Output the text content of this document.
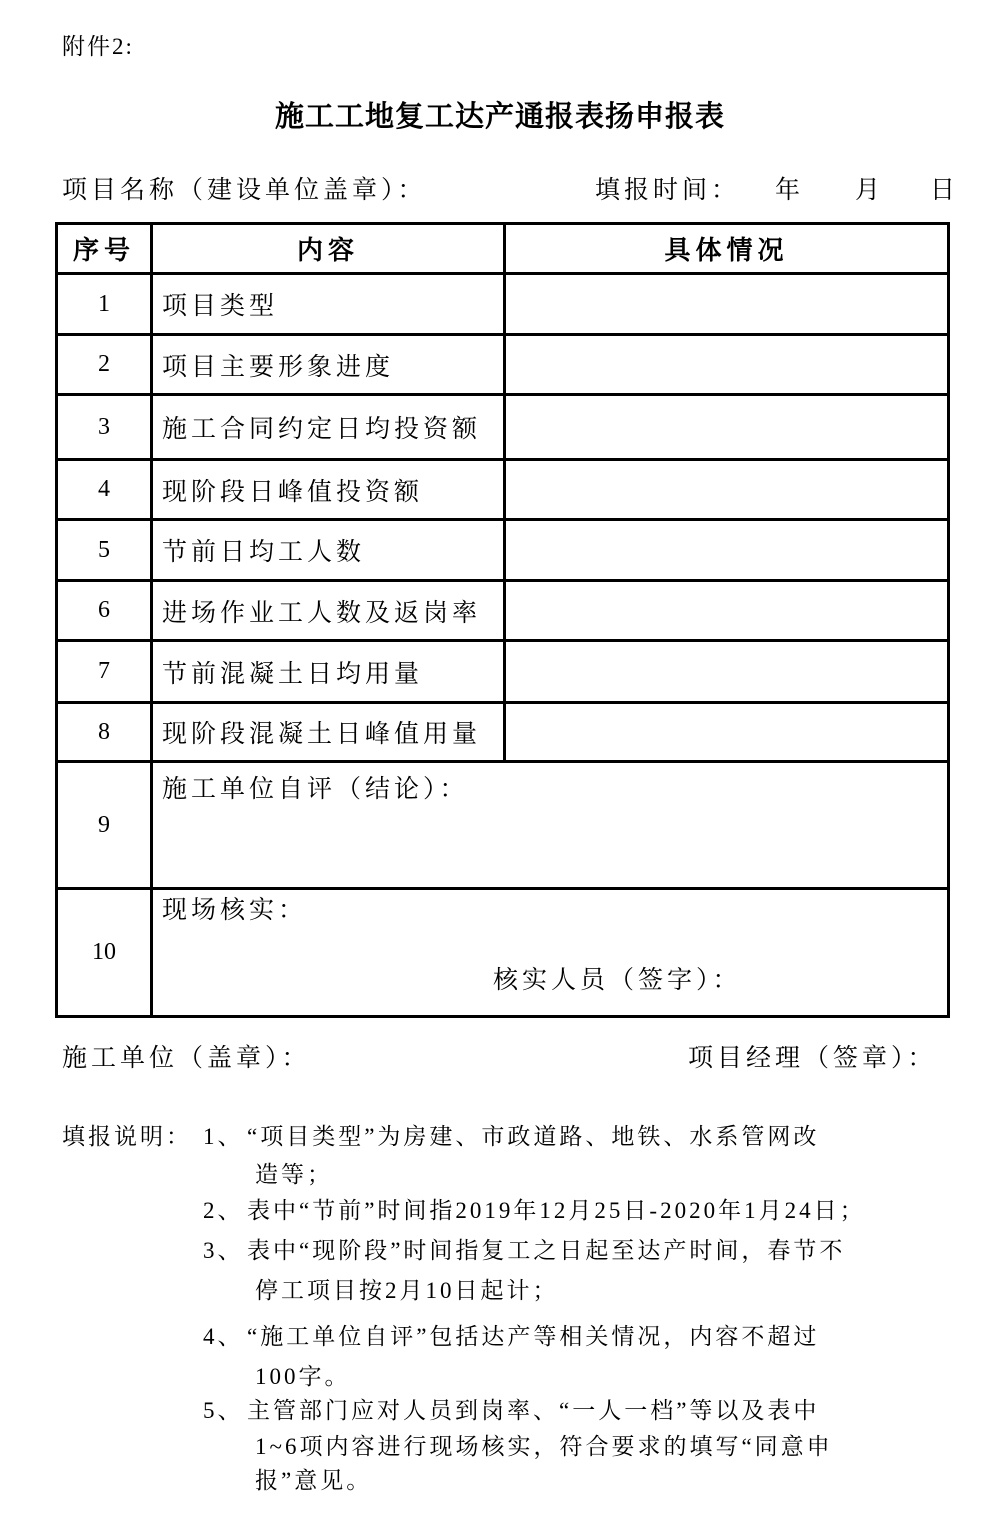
附件2:
施工工地复工达产通报表扬申报表
项目名称（建设单位盖章）：	填报时间： 年 月 日
序号	内容	具体情况
1	项目类型	
2	项目主要形象进度	
3	施工合同约定日均投资额	
4	现阶段日峰值投资额	
5	节前日均工人数	
6	进场作业工人数及返岗率	
7	节前混凝土日均用量	
8	现阶段混凝土日峰值用量	
9	施工单位自评（结论）：	
10	现场核实：
核实人员（签字）：	
施工单位（盖章）：	项目经理（签章）：
填报说明： 1、 “项目类型”为房建、市政道路、地铁、水系管网改
造等；
2、 表中“节前”时间指2019年12月25日-2020年1月24日；
3、 表中“现阶段”时间指复工之日起至达产时间，春节不
停工项目按2月10日起计；
4、 “施工单位自评”包括达产等相关情况，内容不超过
100字。
5、 主管部门应对人员到岗率、“一人一档”等以及表中
1~6项内容进行现场核实，符合要求的填写“同意申
报”意见。
